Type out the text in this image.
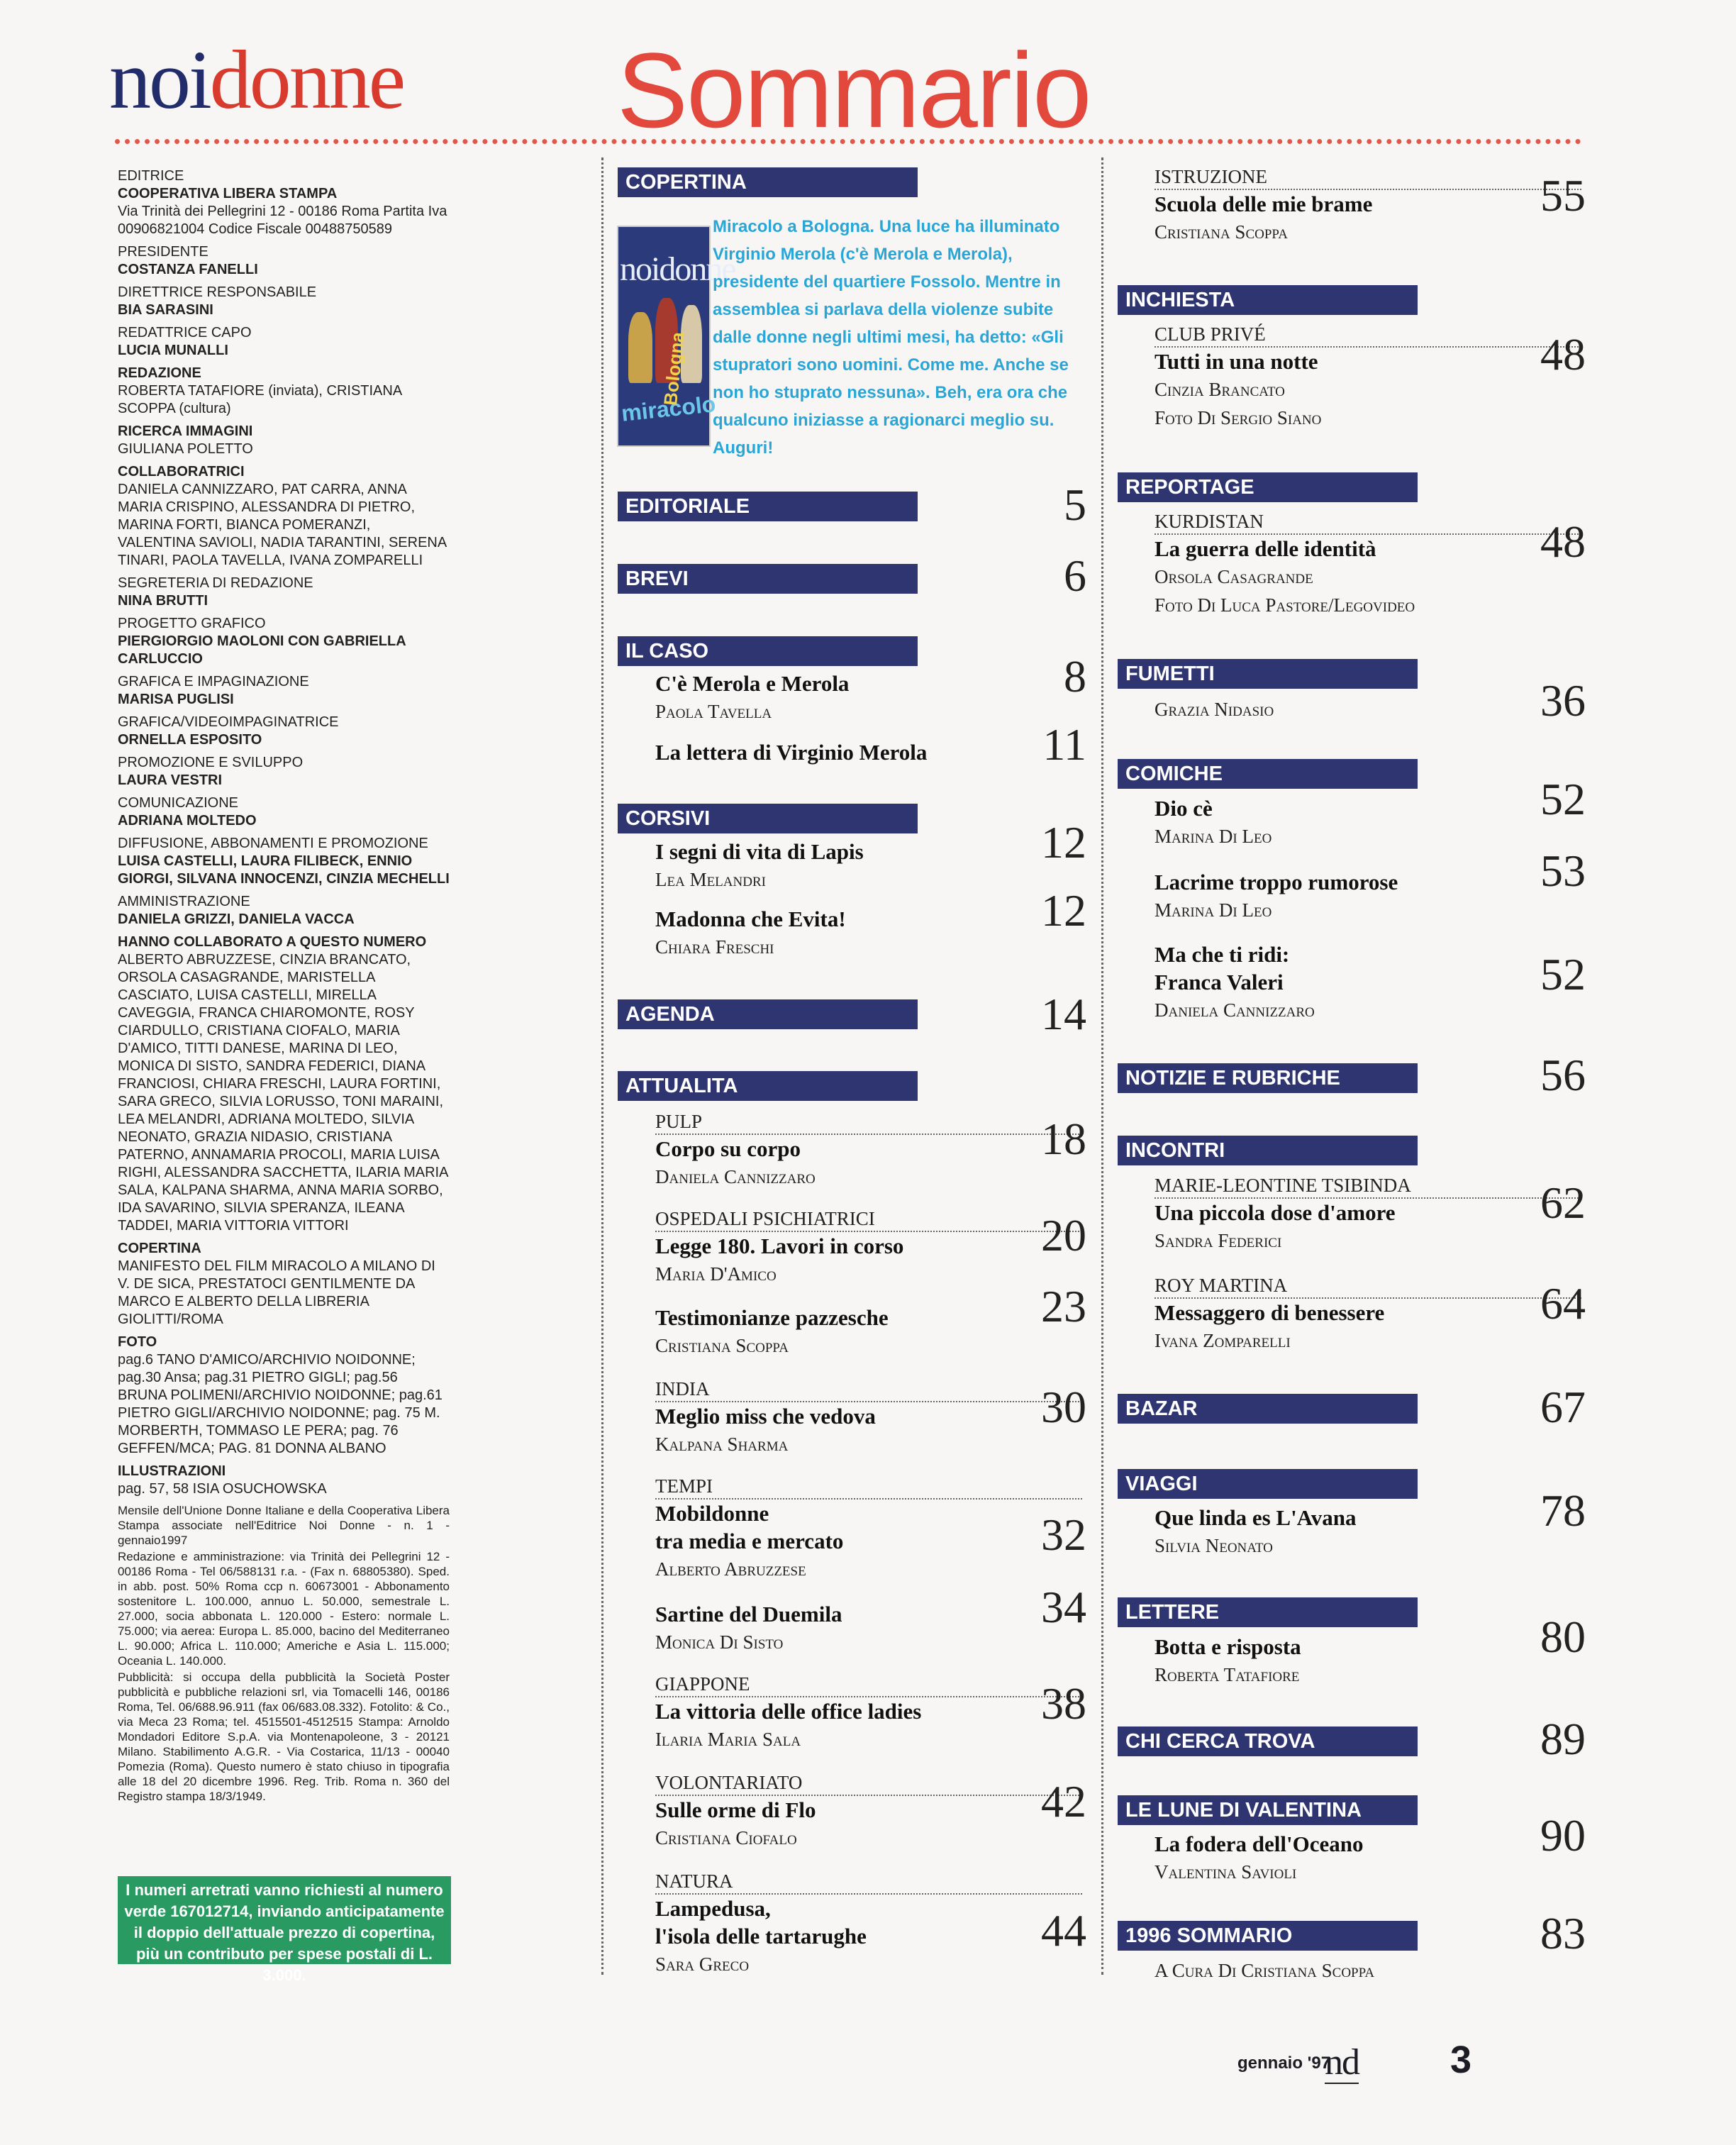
noidonne Sommario
EDITRICE
COOPERATIVA LIBERA STAMPA
Via Trinità dei Pellegrini 12 - 00186 Roma Partita Iva 00906821004 Codice Fiscale 00488750589
PRESIDENTE
COSTANZA FANELLI
DIRETTRICE RESPONSABILE
BIA SARASINI
REDATTRICE CAPO
LUCIA MUNALLI
REDAZIONE
ROBERTA TATAFIORE (inviata), CRISTIANA SCOPPA (cultura)
RICERCA IMMAGINI
GIULIANA POLETTO
COLLABORATRICI
DANIELA CANNIZZARO, PAT CARRA, ANNA MARIA CRISPINO, ALESSANDRA DI PIETRO, MARINA FORTI, BIANCA POMERANZI, VALENTINA SAVIOLI, NADIA TARANTINI, SERENA TINARI, PAOLA TAVELLA, IVANA ZOMPARELLI
SEGRETERIA DI REDAZIONE
NINA BRUTTI
PROGETTO GRAFICO
PIERGIORGIO MAOLONI CON GABRIELLA CARLUCCIO
GRAFICA E IMPAGINAZIONE
MARISA PUGLISI
GRAFICA/VIDEOIMPAGINATRICE
ORNELLA ESPOSITO
PROMOZIONE E SVILUPPO
LAURA VESTRI
COMUNICAZIONE
ADRIANA MOLTEDO
DIFFUSIONE, ABBONAMENTI E PROMOZIONE
LUISA CASTELLI, LAURA FILIBECK, ENNIO GIORGI, SILVANA INNOCENZI, CINZIA MECHELLI
AMMINISTRAZIONE
DANIELA GRIZZI, DANIELA VACCA
HANNO COLLABORATO A QUESTO NUMERO
ALBERTO ABRUZZESE, CINZIA BRANCATO, ORSOLA CASAGRANDE, MARISTELLA CASCIATO, LUISA CASTELLI, MIRELLA CAVEGGIA, FRANCA CHIAROMONTE, ROSY CIARDULLO, CRISTIANA CIOFALO, MARIA D'AMICO, TITTI DANESE, MARINA DI LEO, MONICA DI SISTO, SANDRA FEDERICI, DIANA FRANCIOSI, CHIARA FRESCHI, LAURA FORTINI, SARA GRECO, SILVIA LORUSSO, TONI MARAINI, LEA MELANDRI, ADRIANA MOLTEDO, SILVIA NEONATO, GRAZIA NIDASIO, CRISTIANA PATERNO, ANNAMARIA PROCOLI, MARIA LUISA RIGHI, ALESSANDRA SACCHETTA, ILARIA MARIA SALA, KALPANA SHARMA, ANNA MARIA SORBO, IDA SAVARINO, SILVIA SPERANZA, ILEANA TADDEI, MARIA VITTORIA VITTORI
COPERTINA
MANIFESTO DEL FILM MIRACOLO A MILANO DI V. DE SICA, PRESTATOCI GENTILMENTE DA MARCO E ALBERTO DELLA LIBRERIA GIOLITTI/ROMA
FOTO
pag.6 TANO D'AMICO/ARCHIVIO NOIDONNE; pag.30 Ansa; pag.31 PIETRO GIGLI; pag.56 BRUNA POLIMENI/ARCHIVIO NOIDONNE; pag.61 PIETRO GIGLI/ARCHIVIO NOIDONNE; pag. 75 M. MORBERTH, TOMMASO LE PERA; pag. 76 GEFFEN/MCA; PAG. 81 DONNA ALBANO
ILLUSTRAZIONI
pag. 57, 58 ISIA OSUCHOWSKA

Mensile dell'Unione Donne Italiane e della Cooperativa Libera Stampa associate nell'Editrice Noi Donne - n. 1 - gennaio1997

Redazione e amministrazione: via Trinità dei Pellegrini 12 - 00186 Roma - Tel 06/588131 r.a. - (Fax n. 68805380). Sped. in abb. post. 50% Roma ccp n. 60673001 - Abbonamento sostenitore L. 100.000, annuo L. 50.000, semestrale L. 27.000, socia abbonata L. 120.000 - Estero: normale L. 75.000; via aerea: Europa L. 85.000, bacino del Mediterraneo L. 90.000; Africa L. 110.000; Americhe e Asia L. 115.000; Oceania L. 140.000.

Pubblicità: si occupa della pubblicità la Società Poster pubblicità e pubbliche relazioni srl, via Tomacelli 146, 00186 Roma, Tel. 06/688.96.911 (fax 06/683.08.332). Fotolito: & Co., via Meca 23 Roma; tel. 4515501-4512515 Stampa: Arnoldo Mondadori Editore S.p.A. via Montenapoleone, 3 - 20121 Milano. Stabilimento A.G.R. - Via Costarica, 11/13 - 00040 Pomezia (Roma). Questo numero è stato chiuso in tipografia alle 18 del 20 dicembre 1996. Reg. Trib. Roma n. 360 del Registro stampa 18/3/1949.

I numeri arretrati vanno richiesti al numero verde 167012714, inviando anticipatamente il doppio dell'attuale prezzo di copertina, più un contributo per spese postali di L. 3.000.
COPERTINA
noidonne
miracolo
Bologna
Miracolo a Bologna. Una luce ha illuminato Virginio Merola (c'è Merola e Merola), presidente del quartiere Fossolo. Mentre in assemblea si parlava della violenze subite dalle donne negli ultimi mesi, ha detto: «Gli stupratori sono uomini. Come me. Anche se non ho stuprato nessuna». Beh, era ora che qualcuno iniziasse a ragionarci meglio su. Auguri!
EDITORIALE	5
BREVI	6
IL CASO
C'è Merola e Merola
Paola Tavella
8
La lettera di Virginio Merola	11
CORSIVI
I segni di vita di Lapis
Lea Melandri
12
Madonna che Evita!
Chiara Freschi
12
AGENDA	14
ATTUALITA
PULP
Corpo su corpo
Daniela Cannizzaro
18
OSPEDALI PSICHIATRICI
Legge 180. Lavori in corso
Maria D'Amico
20
Testimonianze pazzesche
Cristiana Scoppa
23
INDIA
Meglio miss che vedova
Kalpana Sharma
30
TEMPI
Mobildonne
tra media e mercato
Alberto Abruzzese
32
Sartine del Duemila
Monica Di Sisto
34
GIAPPONE
La vittoria delle office ladies
Ilaria Maria Sala
38
VOLONTARIATO
Sulle orme di Flo
Cristiana Ciofalo
42
NATURA
Lampedusa,
l'isola delle tartarughe
Sara Greco
44
ISTRUZIONE
Scuola delle mie brame
Cristiana Scoppa
55
INCHIESTA
CLUB PRIVÉ
Tutti in una notte
Cinzia Brancato
Foto Di Sergio Siano
48
REPORTAGE
KURDISTAN
La guerra delle identità
Orsola Casagrande
Foto Di Luca Pastore/Legovideo
48
FUMETTI
Grazia Nidasio	36
COMICHE
Dio cè
Marina Di Leo
52
Lacrime troppo rumorose
Marina Di Leo
53
Ma che ti ridi:
Franca Valeri
Daniela Cannizzaro
52
NOTIZIE E RUBRICHE	56
INCONTRI
MARIE-LEONTINE TSIBINDA
Una piccola dose d'amore
Sandra Federici
62
ROY MARTINA
Messaggero di benessere
Ivana Zomparelli
64
BAZAR	67
VIAGGI
Que linda es L'Avana
Silvia Neonato
78
LETTERE
Botta e risposta
Roberta Tatafiore
80
CHI CERCA TROVA	89
LE LUNE DI VALENTINA
La fodera dell'Oceano
Valentina Savioli
90
1996 SOMMARIO
A Cura Di Cristiana Scoppa
83
gennaio '97
nd 3
